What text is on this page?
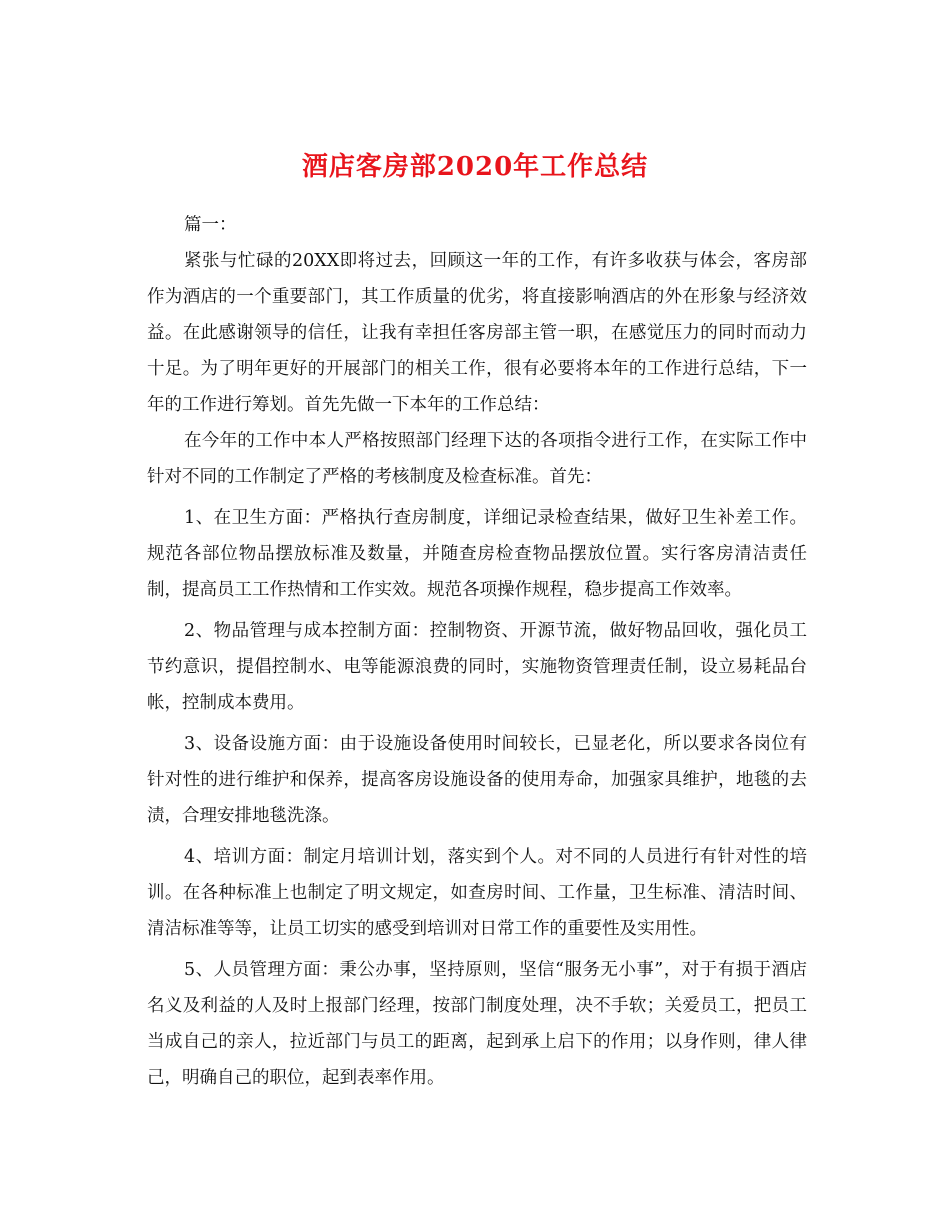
酒店客房部2020年工作总结

篇一：

紧张与忙碌的20XX即将过去，回顾这一年的工作，有许多收获与体会，客房部作为酒店的一个重要部门，其工作质量的优劣，将直接影响酒店的外在形象与经济效益。在此感谢领导的信任，让我有幸担任客房部主管一职，在感觉压力的同时而动力十足。为了明年更好的开展部门的相关工作，很有必要将本年的工作进行总结，下一年的工作进行筹划。首先先做一下本年的工作总结：

在今年的工作中本人严格按照部门经理下达的各项指令进行工作，在实际工作中针对不同的工作制定了严格的考核制度及检查标准。首先：

1、在卫生方面：严格执行查房制度，详细记录检查结果，做好卫生补差工作。规范各部位物品摆放标准及数量，并随查房检查物品摆放位置。实行客房清洁责任制，提高员工工作热情和工作实效。规范各项操作规程，稳步提高工作效率。

2、物品管理与成本控制方面：控制物资、开源节流，做好物品回收，强化员工节约意识，提倡控制水、电等能源浪费的同时，实施物资管理责任制，设立易耗品台帐，控制成本费用。

3、设备设施方面：由于设施设备使用时间较长，已显老化，所以要求各岗位有针对性的进行维护和保养，提高客房设施设备的使用寿命，加强家具维护，地毯的去渍，合理安排地毯洗涤。

4、培训方面：制定月培训计划，落实到个人。对不同的人员进行有针对性的培训。在各种标准上也制定了明文规定，如查房时间、工作量，卫生标准、清洁时间、清洁标准等等，让员工切实的感受到培训对日常工作的重要性及实用性。

5、人员管理方面：秉公办事，坚持原则，坚信“服务无小事”，对于有损于酒店名义及利益的人及时上报部门经理，按部门制度处理，决不手软；关爱员工，把员工当成自己的亲人，拉近部门与员工的距离，起到承上启下的作用；以身作则，律人律己，明确自己的职位，起到表率作用。
